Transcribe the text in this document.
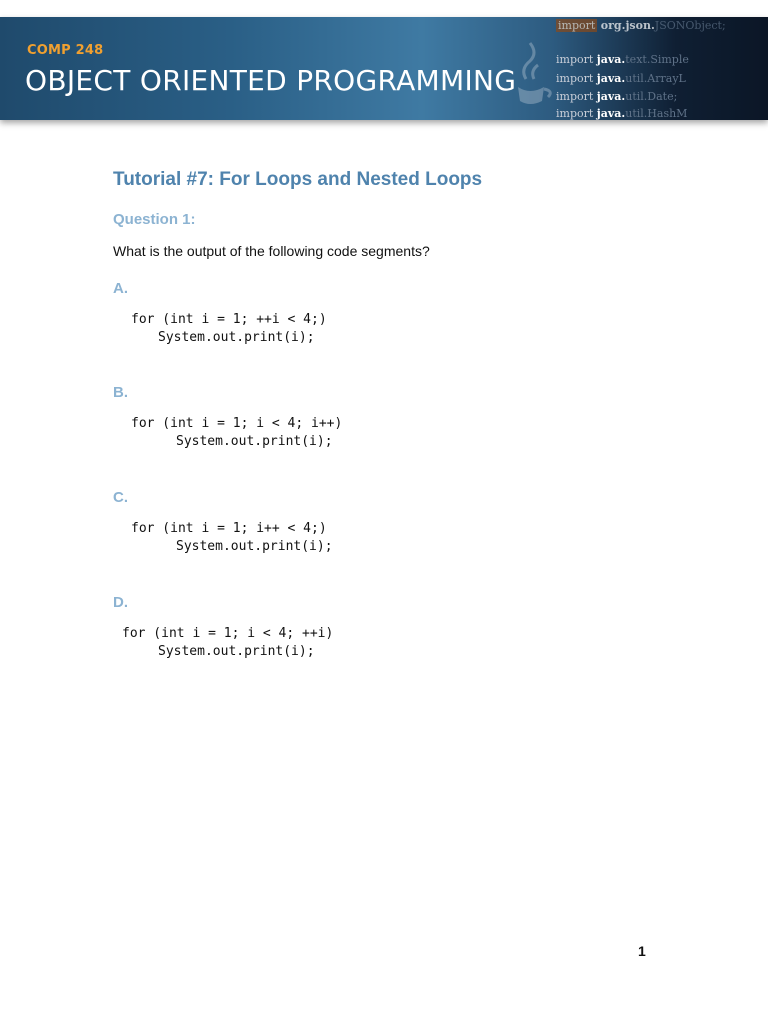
import org.json.JSONObject;
import java.text.Simple
import java.util.ArrayL
import java.util.Date;
import java.util.HashM
COMP 248
OBJECT ORIENTED PROGRAMMING
Tutorial #7: For Loops and Nested Loops
Question 1:
What is the output of the following code segments?
A.
for (int i = 1; ++i < 4;)
System.out.print(i);
B.
for (int i = 1; i < 4; i++)
System.out.print(i);
C.
for (int i = 1; i++ < 4;)
System.out.print(i);
D.
for (int i = 1; i < 4; ++i)
System.out.print(i);
1
